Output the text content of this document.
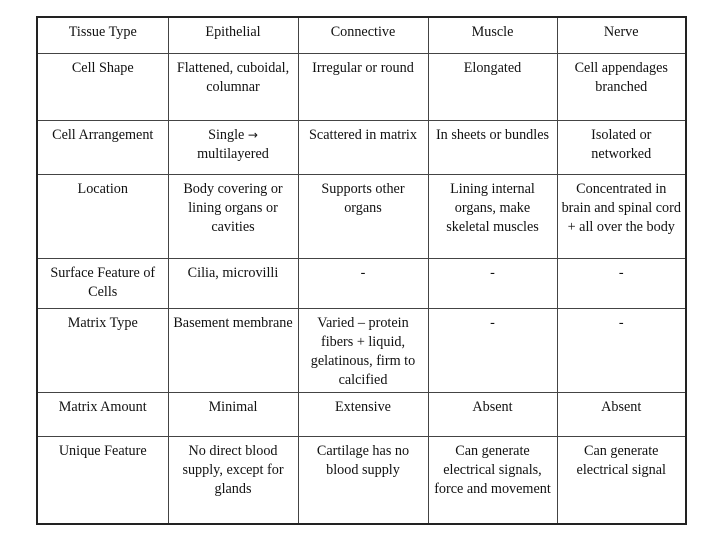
Tissue Type	Epithelial	Connective	Muscle	Nerve
Cell Shape	Flattened, cuboidal, columnar	Irregular or round	Elongated	Cell appendages branched
Cell Arrangement	Single → multilayered	Scattered in matrix	In sheets or bundles	Isolated or networked
Location	Body covering or lining organs or cavities	Supports other organs	Lining internal organs, make skeletal muscles	Concentrated in brain and spinal cord + all over the body
Surface Feature of Cells	Cilia, microvilli	-	-	-
Matrix Type	Basement membrane	Varied – protein fibers + liquid, gelatinous, firm to calcified	-	-
Matrix Amount	Minimal	Extensive	Absent	Absent
Unique Feature	No direct blood supply, except for glands	Cartilage has no blood supply	Can generate electrical signals, force and movement	Can generate electrical signal
